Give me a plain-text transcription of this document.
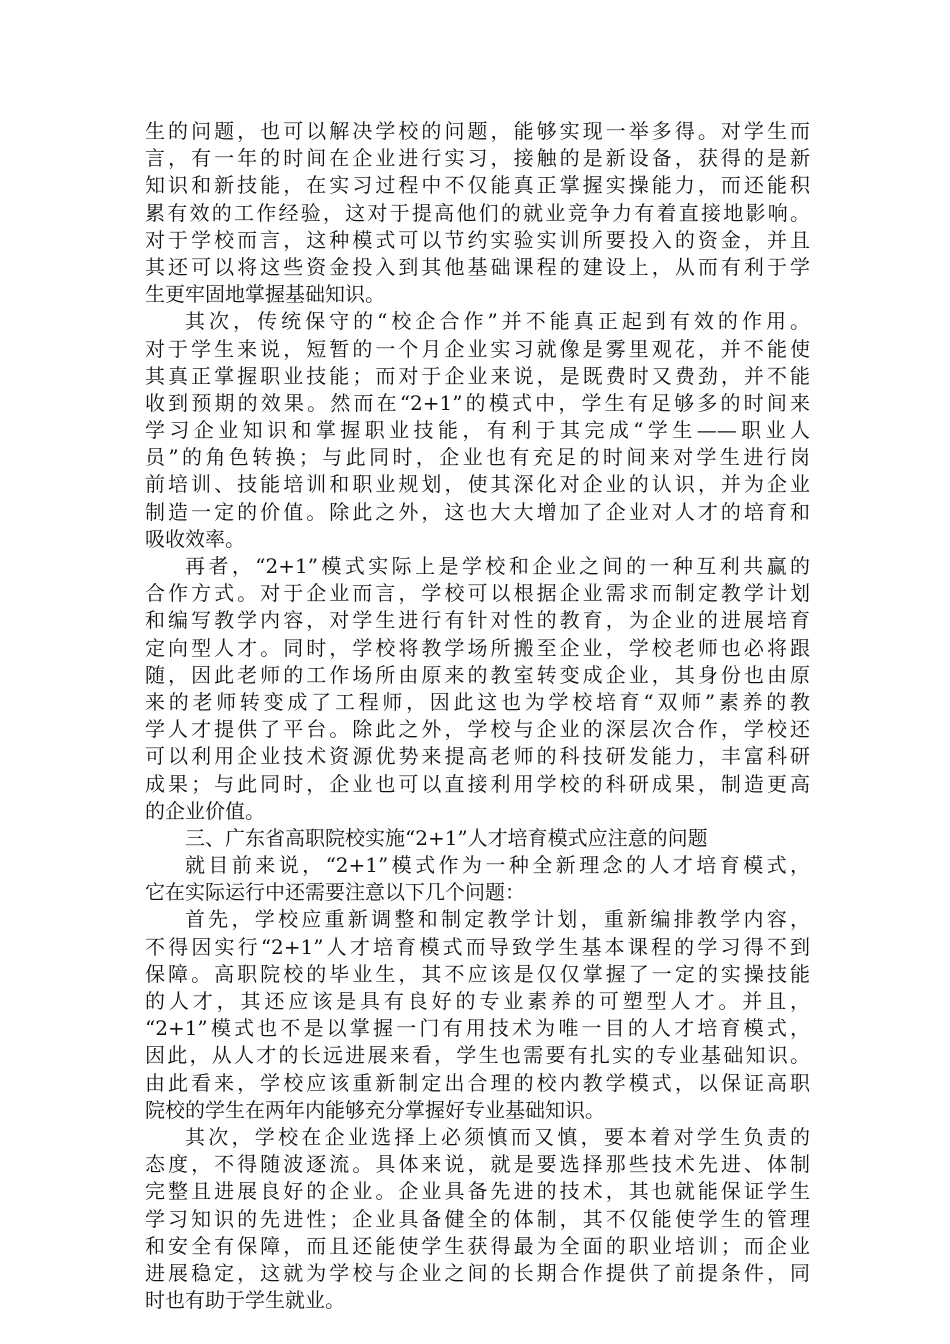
生的问题，也可以解决学校的问题，能够实现一举多得。对学生而
言，有一年的时间在企业进行实习，接触的是新设备，获得的是新
知识和新技能，在实习过程中不仅能真正掌握实操能力，而还能积
累有效的工作经验，这对于提高他们的就业竞争力有着直接地影响。
对于学校而言，这种模式可以节约实验实训所要投入的资金，并且
其还可以将这些资金投入到其他基础课程的建设上，从而有利于学
生更牢固地掌握基础知识。
其次，传统保守的“校企合作”并不能真正起到有效的作用。
对于学生来说，短暂的一个月企业实习就像是雾里观花，并不能使
其真正掌握职业技能；而对于企业来说，是既费时又费劲，并不能
收到预期的效果。然而在“2+1”的模式中，学生有足够多的时间来
学习企业知识和掌握职业技能，有利于其完成“学生——职业人
员”的角色转换；与此同时，企业也有充足的时间来对学生进行岗
前培训、技能培训和职业规划，使其深化对企业的认识，并为企业
制造一定的价值。除此之外，这也大大增加了企业对人才的培育和
吸收效率。
再者，“2+1”模式实际上是学校和企业之间的一种互利共赢的
合作方式。对于企业而言，学校可以根据企业需求而制定教学计划
和编写教学内容，对学生进行有针对性的教育，为企业的进展培育
定向型人才。同时，学校将教学场所搬至企业，学校老师也必将跟
随，因此老师的工作场所由原来的教室转变成企业，其身份也由原
来的老师转变成了工程师，因此这也为学校培育“双师”素养的教
学人才提供了平台。除此之外，学校与企业的深层次合作，学校还
可以利用企业技术资源优势来提高老师的科技研发能力，丰富科研
成果；与此同时，企业也可以直接利用学校的科研成果，制造更高
的企业价值。
三、广东省高职院校实施“2+1”人才培育模式应注意的问题
就目前来说，“2+1”模式作为一种全新理念的人才培育模式，
它在实际运行中还需要注意以下几个问题：
首先，学校应重新调整和制定教学计划，重新编排教学内容，
不得因实行“2+1”人才培育模式而导致学生基本课程的学习得不到
保障。高职院校的毕业生，其不应该是仅仅掌握了一定的实操技能
的人才，其还应该是具有良好的专业素养的可塑型人才。并且，
“2+1”模式也不是以掌握一门有用技术为唯一目的人才培育模式，
因此，从人才的长远进展来看，学生也需要有扎实的专业基础知识。
由此看来，学校应该重新制定出合理的校内教学模式，以保证高职
院校的学生在两年内能够充分掌握好专业基础知识。
其次，学校在企业选择上必须慎而又慎，要本着对学生负责的
态度，不得随波逐流。具体来说，就是要选择那些技术先进、体制
完整且进展良好的企业。企业具备先进的技术，其也就能保证学生
学习知识的先进性；企业具备健全的体制，其不仅能使学生的管理
和安全有保障，而且还能使学生获得最为全面的职业培训；而企业
进展稳定，这就为学校与企业之间的长期合作提供了前提条件，同
时也有助于学生就业。
